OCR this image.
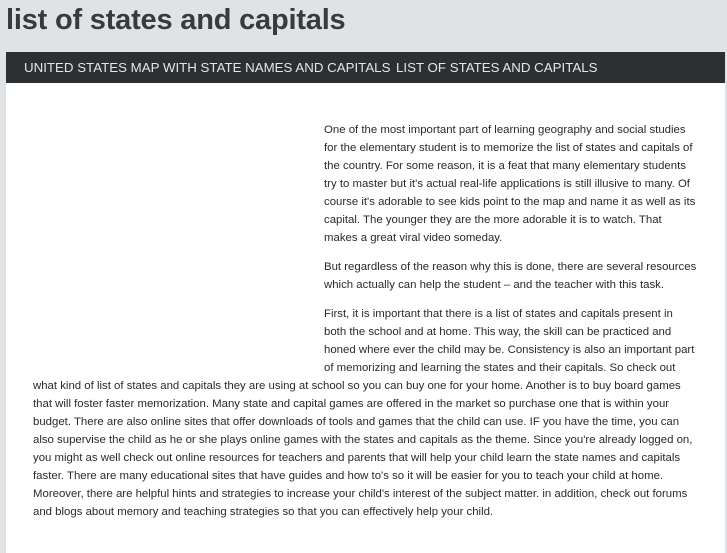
list of states and capitals
UNITED STATES MAP WITH STATE NAMES AND CAPITALS LIST OF STATES AND CAPITALS

One of the most important part of learning geography and social studies for the elementary student is to memorize the list of states and capitals of the country. For some reason, it is a feat that many elementary students try to master but it's actual real-life applications is still illusive to many. Of course it's adorable to see kids point to the map and name it as well as its capital. The younger they are the more adorable it is to watch. That makes a great viral video someday.

But regardless of the reason why this is done, there are several resources which actually can help the student – and the teacher with this task.

First, it is important that there is a list of states and capitals present in both the school and at home. This way, the skill can be practiced and honed where ever the child may be. Consistency is also an important part of memorizing and learning the states and their capitals. So check out what kind of list of states and capitals they are using at school so you can buy one for your home. Another is to buy board games that will foster faster memorization. Many state and capital games are offered in the market so purchase one that is within your budget. There are also online sites that offer downloads of tools and games that the child can use. IF you have the time, you can also supervise the child as he or she plays online games with the states and capitals as the theme. Since you're already logged on, you might as well check out online resources for teachers and parents that will help your child learn the state names and capitals faster. There are many educational sites that have guides and how to's so it will be easier for you to teach your child at home. Moreover, there are helpful hints and strategies to increase your child's interest of the subject matter. in addition, check out forums and blogs about memory and teaching strategies so that you can effectively help your child.
